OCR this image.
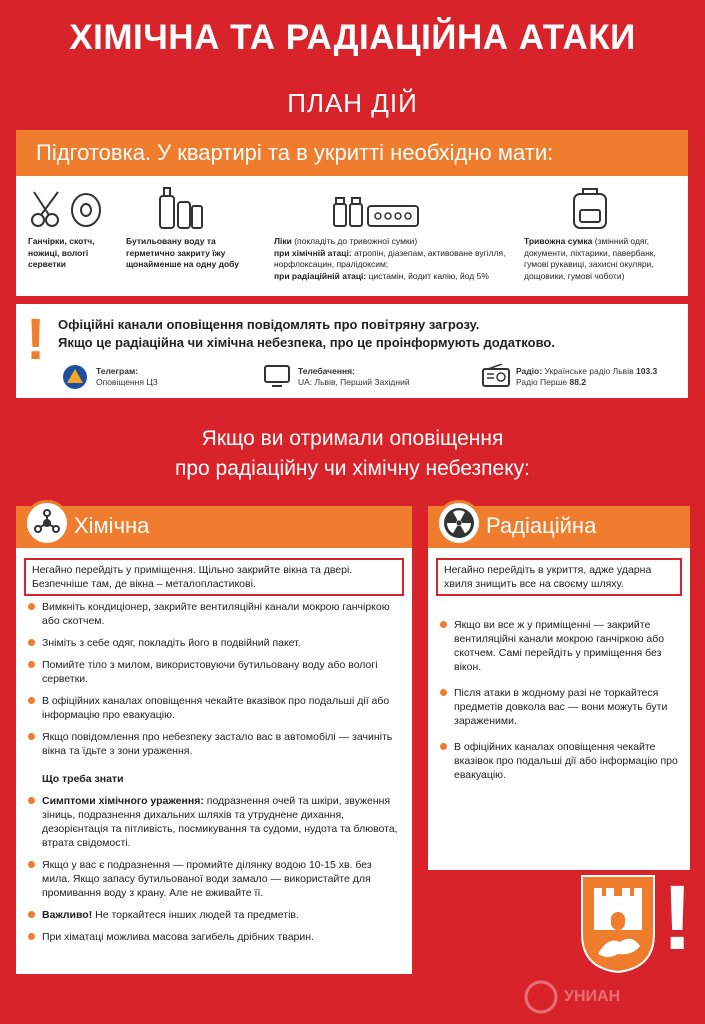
ХІМІЧНА ТА РАДІАЦІЙНА АТАКИ
ПЛАН ДІЙ
Підготовка. У квартирі та в укритті необхідно мати:
Ганчірки, скотч, ножиці, вологі серветки
Бутильовану воду та герметично закриту їжу щонайменше на одну добу
Ліки (покладіть до тривожної сумки)
при хімічній атаці: атропін, діазепам, активоване вугілля, норфлоксацин, пралідоксим;
при радіаційній атаці: цистамін, йодит калію, йод 5%
Тривожна сумка (змінний одяг, документи, ліхтарики, павербанк, гумові рукавиці, захисні окуляри, дощовики, гумові чоботи)
! Офіційні канали оповіщення повідомлять про повітряну загрозу.
Якщо це радіаційна чи хімічна небезпека, про це проінформують додатково.
Телеграм:
Оповіщення ЦЗ
Телебачення:
UA: Львів, Перший Західний
Радіо: Українське радіо Львів 103.3
Радіо Перше 88.2
Якщо ви отримали оповіщення
про радіаційну чи хімічну небезпеку:
Хімічна
Негайно перейдіть у приміщення. Щільно закрийте вікна та двері. Безпечніше там, де вікна – металопластикові.
Вимкніть кондиціонер, закрийте вентиляційні канали мокрою ганчіркою або скотчем.
Зніміть з себе одяг, покладіть його в подвійний пакет.
Помийте тіло з милом, використовуючи бутильовану воду або вологі серветки.
В офіційних каналах оповіщення чекайте вказівок про подальші дії або інформацію про евакуацію.
Якщо повідомлення про небезпеку застало вас в автомобілі — зачиніть вікна та їдьте з зони ураження.
Що треба знати
Симптоми хімічного ураження: подразнення очей та шкіри, звуження зіниць, подразнення дихальних шляхів та утруднене дихання, дезорієнтація та пітливість, посмикування та судоми, нудота та блювота, втрата свідомості.
Якщо у вас є подразнення — промийте ділянку водою 10-15 хв. без мила. Якщо запасу бутильованої води замало — використайте для промивання воду з крану. Але не вживайте її.
Важливо! Не торкайтеся інших людей та предметів.
При хіматаці можлива масова загибель дрібних тварин.
Радіаційна
Негайно перейдіть в укриття, адже ударна хвиля знищить все на своєму шляху.
Якщо ви все ж у приміщенні — закрийте вентиляційні канали мокрою ганчіркою або скотчем. Самі перейдіть у приміщення без вікон.
Після атаки в жодному разі не торкайтеся предметів довкола вас — вони можуть бути зараженими.
В офіційних каналах оповіщення чекайте вказівок про подальші дії або інформацію про евакуацію.
!
УНИАН
